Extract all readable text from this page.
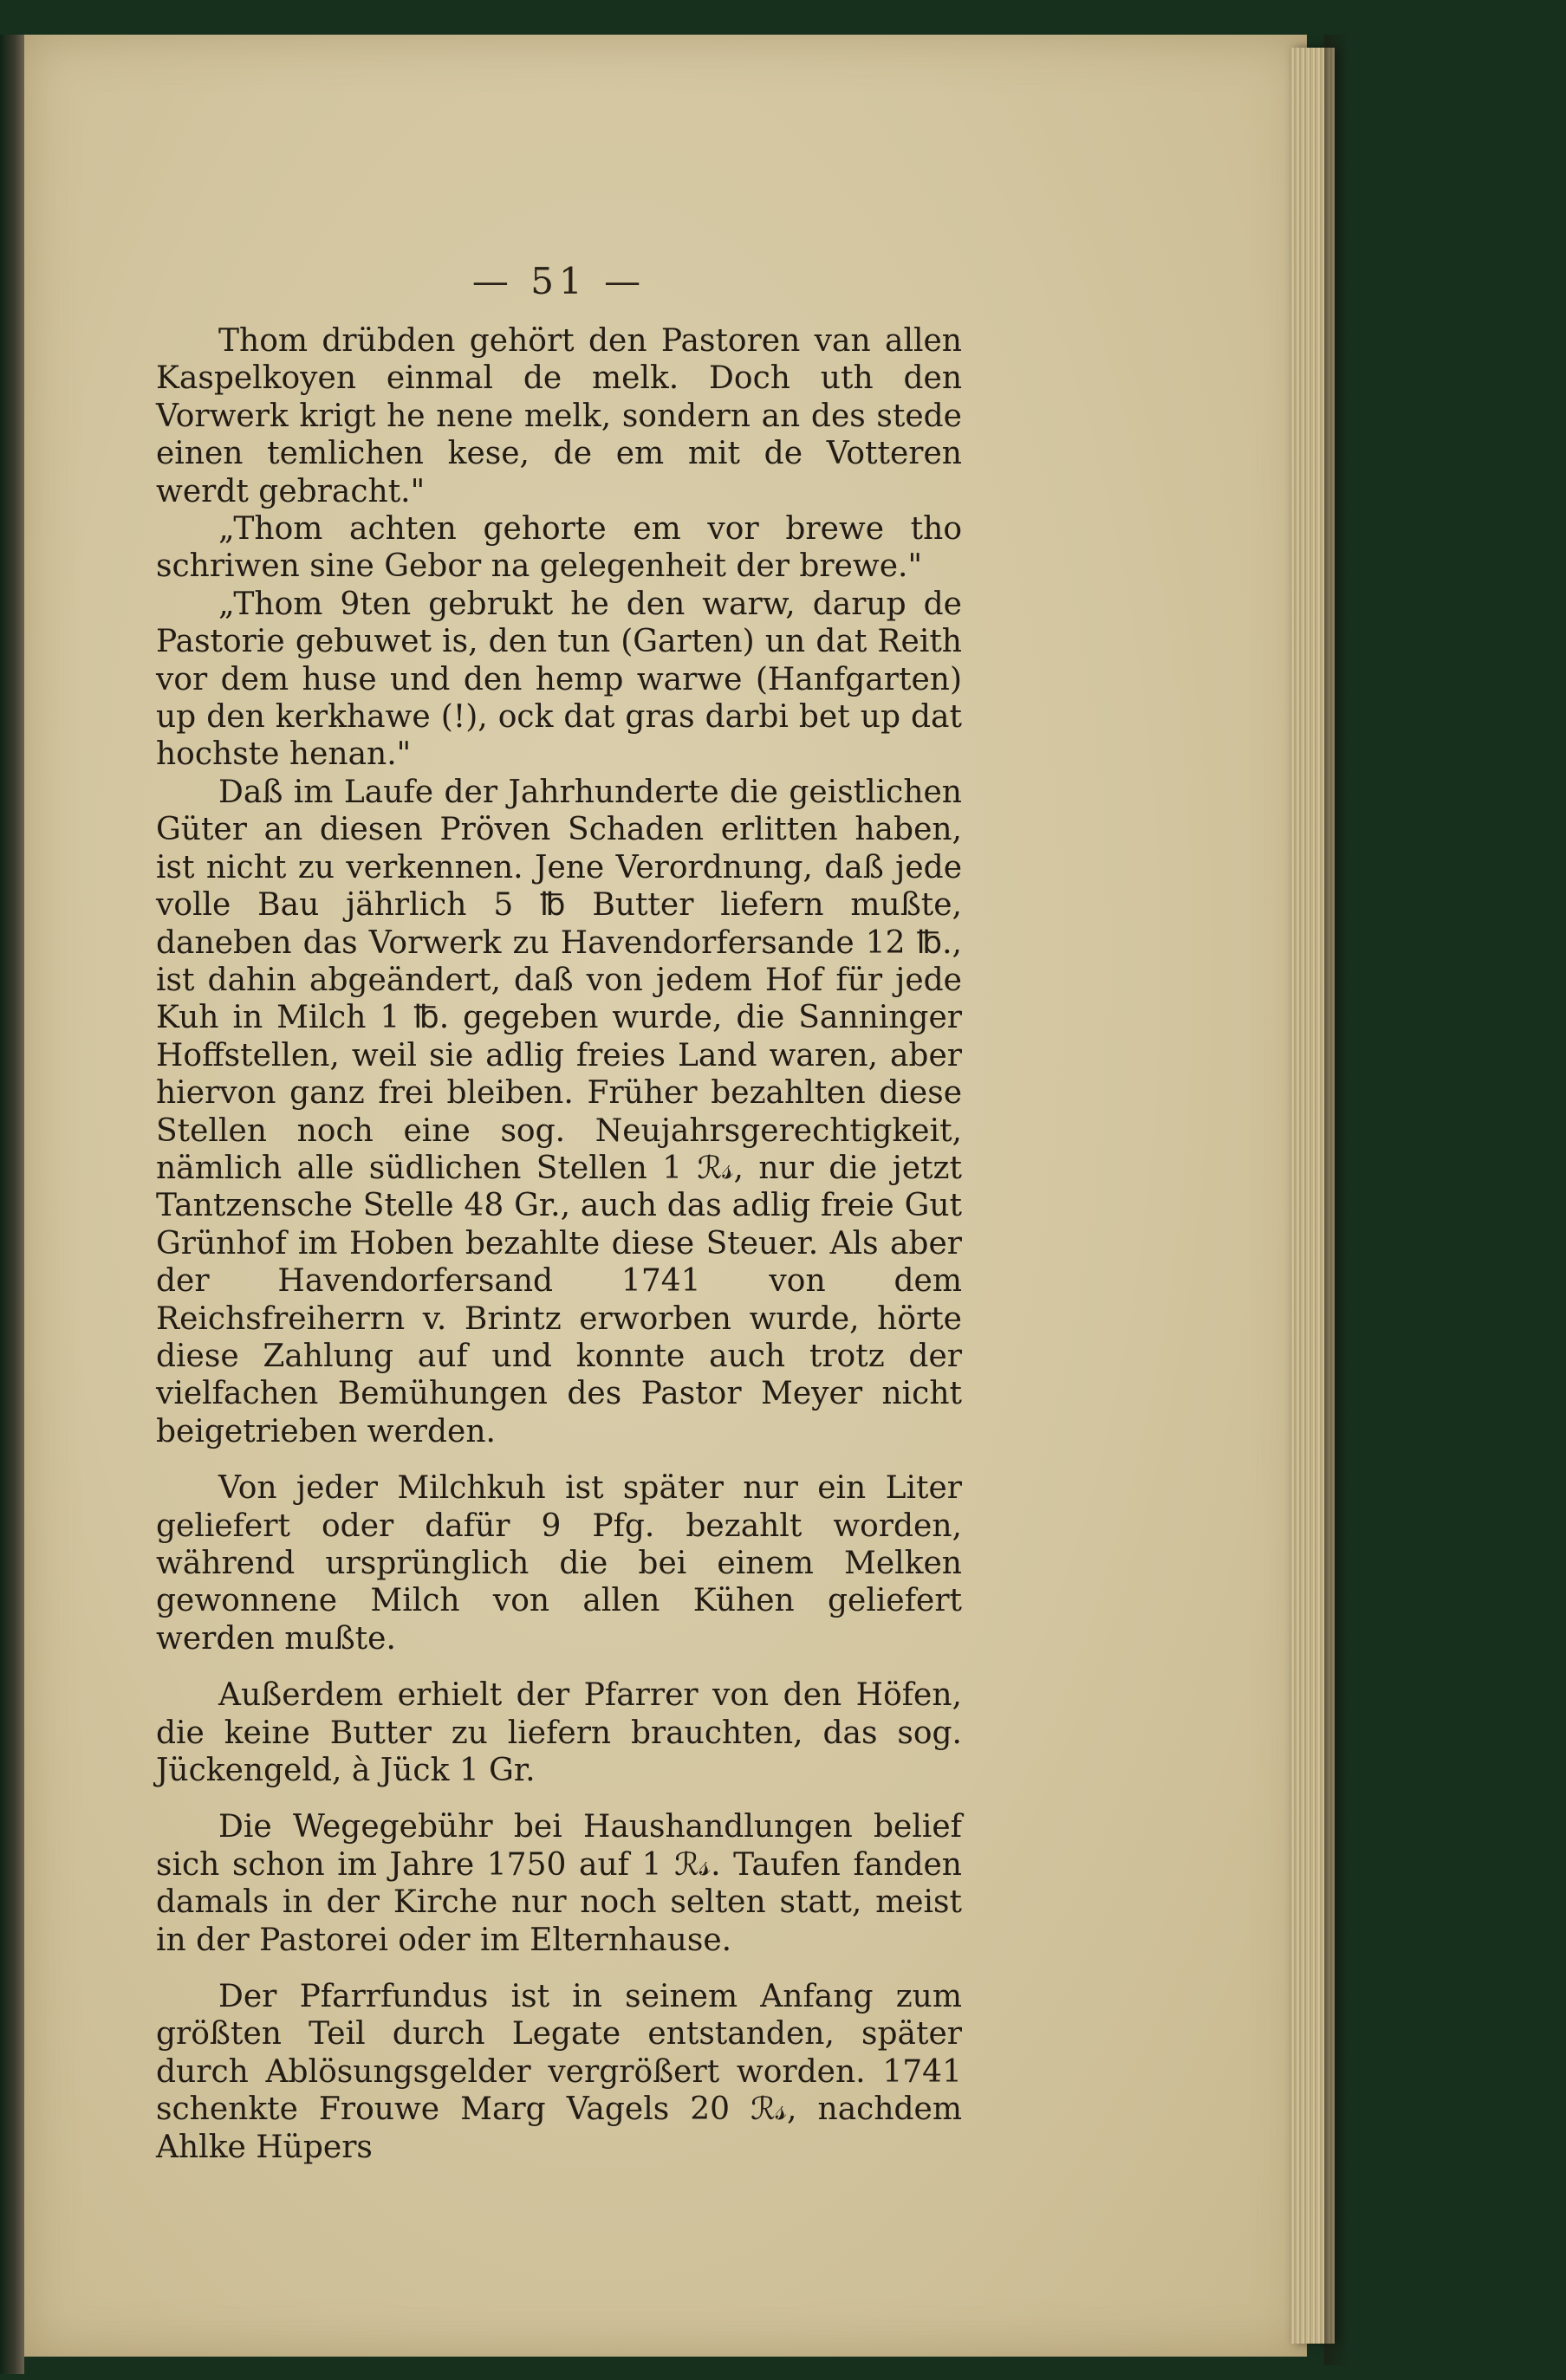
— 51 —

Thom drübden gehört den Pastoren van allen Kaspelkoyen einmal de melk. Doch uth den Vorwerk krigt he nene melk, sondern an des stede einen temlichen kese, de em mit de Votteren werdt gebracht."

„Thom achten gehorte em vor brewe tho schriwen sine Gebor na gelegenheit der brewe."

„Thom 9ten gebrukt he den warw, darup de Pastorie gebuwet is, den tun (Garten) un dat Reith vor dem huse und den hemp warwe (Hanfgarten) up den kerkhawe (!), ock dat gras darbi bet up dat hochste henan."

Daß im Laufe der Jahrhunderte die geistlichen Güter an diesen Pröven Schaden erlitten haben, ist nicht zu verkennen. Jene Verordnung, daß jede volle Bau jährlich 5 ℔ Butter liefern mußte, daneben das Vorwerk zu Havendorfersande 12 ℔., ist dahin abgeändert, daß von jedem Hof für jede Kuh in Milch 1 ℔. gegeben wurde, die Sanninger Hoffstellen, weil sie adlig freies Land waren, aber hiervon ganz frei bleiben. Früher bezahlten diese Stellen noch eine sog. Neujahrsgerechtigkeit, nämlich alle südlichen Stellen 1 ℛ𝓈, nur die jetzt Tantzensche Stelle 48 Gr., auch das adlig freie Gut Grünhof im Hoben bezahlte diese Steuer. Als aber der Havendorfersand 1741 von dem Reichsfreiherrn v. Brintz erworben wurde, hörte diese Zahlung auf und konnte auch trotz der vielfachen Bemühungen des Pastor Meyer nicht beigetrieben werden.

Von jeder Milchkuh ist später nur ein Liter geliefert oder dafür 9 Pfg. bezahlt worden, während ursprünglich die bei einem Melken gewonnene Milch von allen Kühen geliefert werden mußte.

Außerdem erhielt der Pfarrer von den Höfen, die keine Butter zu liefern brauchten, das sog. Jückengeld, à Jück 1 Gr.

Die Wegegebühr bei Haushandlungen belief sich schon im Jahre 1750 auf 1 ℛ𝓈. Taufen fanden damals in der Kirche nur noch selten statt, meist in der Pastorei oder im Elternhause.

Der Pfarrfundus ist in seinem Anfang zum größten Teil durch Legate entstanden, später durch Ablösungsgelder vergrößert worden. 1741 schenkte Frouwe Marg Vagels 20 ℛ𝓈, nachdem Ahlke Hüpers
